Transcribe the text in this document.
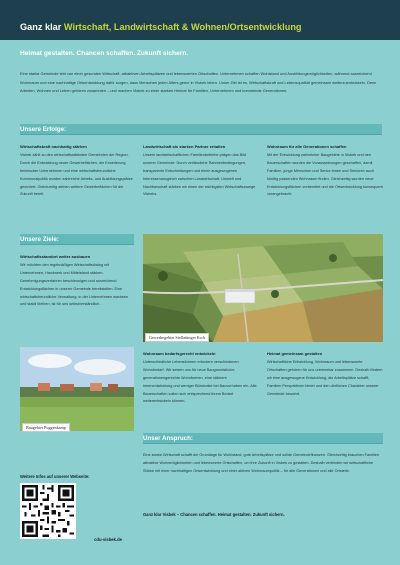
Ganz klar Wirtschaft, Landwirtschaft & Wohnen/Ortsentwicklung
Heimat gestalten. Chancen schaffen. Zukunft sichern.

Eine starke Gemeinde lebt von einer gesunden Wirtschaft, attraktiven Arbeitsplätzen und lebenswerten Ortschaften. Unternehmen schaffen Wohlstand und Ausbildungsmöglichkeiten, während ausreichend Wohnraum und eine nachhaltige Ortsentwicklung dafür sorgen, dass Menschen jeden Alters gerne in Visbek leben. Unser Ziel ist es, Wirtschaftskraft und Lebensqualität gemeinsam weiterzuentwickeln. Denn Arbeiten, Wohnen und Leben gehören zusammen – und machen Visbek zu einer starken Heimat für Familien, Unternehmen und kommende Generationen.

Unsere Erfolge:
Wirtschaftskraft nachhaltig stärken
Visbek zählt zu den wirtschaftsstärksten Gemeinden der Region. Durch die Entwicklung neuer Gewerbeflächen, die Erweiterung heimischer Unternehmen und eine wirtschaftsfreundliche Kommunalpolitik wurden zahlreiche Arbeits- und Ausbildungsplätze gesichert. Gleichzeitig stehen weitere Gewerbeflächen für die Zukunft bereit.
Landwirtschaft als starken Partner erhalten
Unsere landwirtschaftlichen Familienbetriebe prägen das Bild unserer Gemeinde. Durch verlässliche Rahmenbedingungen, transparente Entscheidungen und einen ausgewogenen Interessenausgleich zwischen Landwirtschaft, Umwelt und Nachbarschaft stärken wir einen der wichtigsten Wirtschaftszweige Visbeks.
Wohnraum für alle Generationen schaffen
Mit der Entwicklung zahlreicher Baugebiete in Visbek und den Bauerschaften wurden die Voraussetzungen geschaffen, damit Familien, junge Menschen und Senior:innen und Senioren auch künftig passenden Wohnraum finden. Gleichzeitig wurden neue Entwicklungsflächen vorbereitet und die Ortsentwicklung konsequent vorangebracht.
Unsere Ziele:
Wirtschaftsstandort weiter ausbauen
Wir möchten den regelmäßigen Wirtschaftsdialog mit Unternehmen, Handwerk und Mittelstand stärken. Genehmigungsverfahren beschleunigen und ausreichend Entwicklungsflächen in unserer Gemeinde bereitstellen. Eine wirtschaftsfreundliche Verwaltung, in der Unternehmen wachsen und stabil bleiben, ist für uns selbstverständlich.
Gewerbegebiet Stellattinger Esch
Baugebiet Puggenkamp
Wohnraum bedarfsgerecht entwickeln
Unterschiedliche Lebensformen erfordern verschiedenen Wohnbedarf. Wir setzen uns für neue Baugrundstücke, generationengerechte Wohnformen, eine stärkere Innenentwicklung und weniger Bürokratie bei Bauvorhaben ein. Alle Bauerschaften sollen sich entsprechend ihrem Bedarf weiterentwickeln können.
Heimat gemeinsam gestalten
Wirtschaftliche Entwicklung, Wohnraum und lebenswerte Ortschaften gehören für uns untrennbar zusammen. Deshalb fördern wir eine ausgewogene Entwicklung, die Arbeitsplätze schafft, Familien Perspektiven bietet und den dörflichen Charakter unserer Gemeinde bewahrt.
Unser Anspruch:

Eine starke Wirtschaft schafft die Grundlage für Wohlstand, gute Arbeitsplätze und solide Gemeindefinanzen. Gleichzeitig brauchen Familien attraktive Wohnmöglichkeiten und lebenswerte Ortschaften, um ihre Zukunft in Visbek zu gestalten. Deshalb verbinden wir wirtschaftliche Stärke mit einer nachhaltigen Ortsentwicklung und einer aktiven Wohnraumpolitik – für alle Generationen und alle Ortsteile.

Ganz klar Visbek – Chancen schaffen. Heimat gestalten. Zukunft sichern.
Weitere Infos auf unserer Webseite:
cdu-visbek.de
